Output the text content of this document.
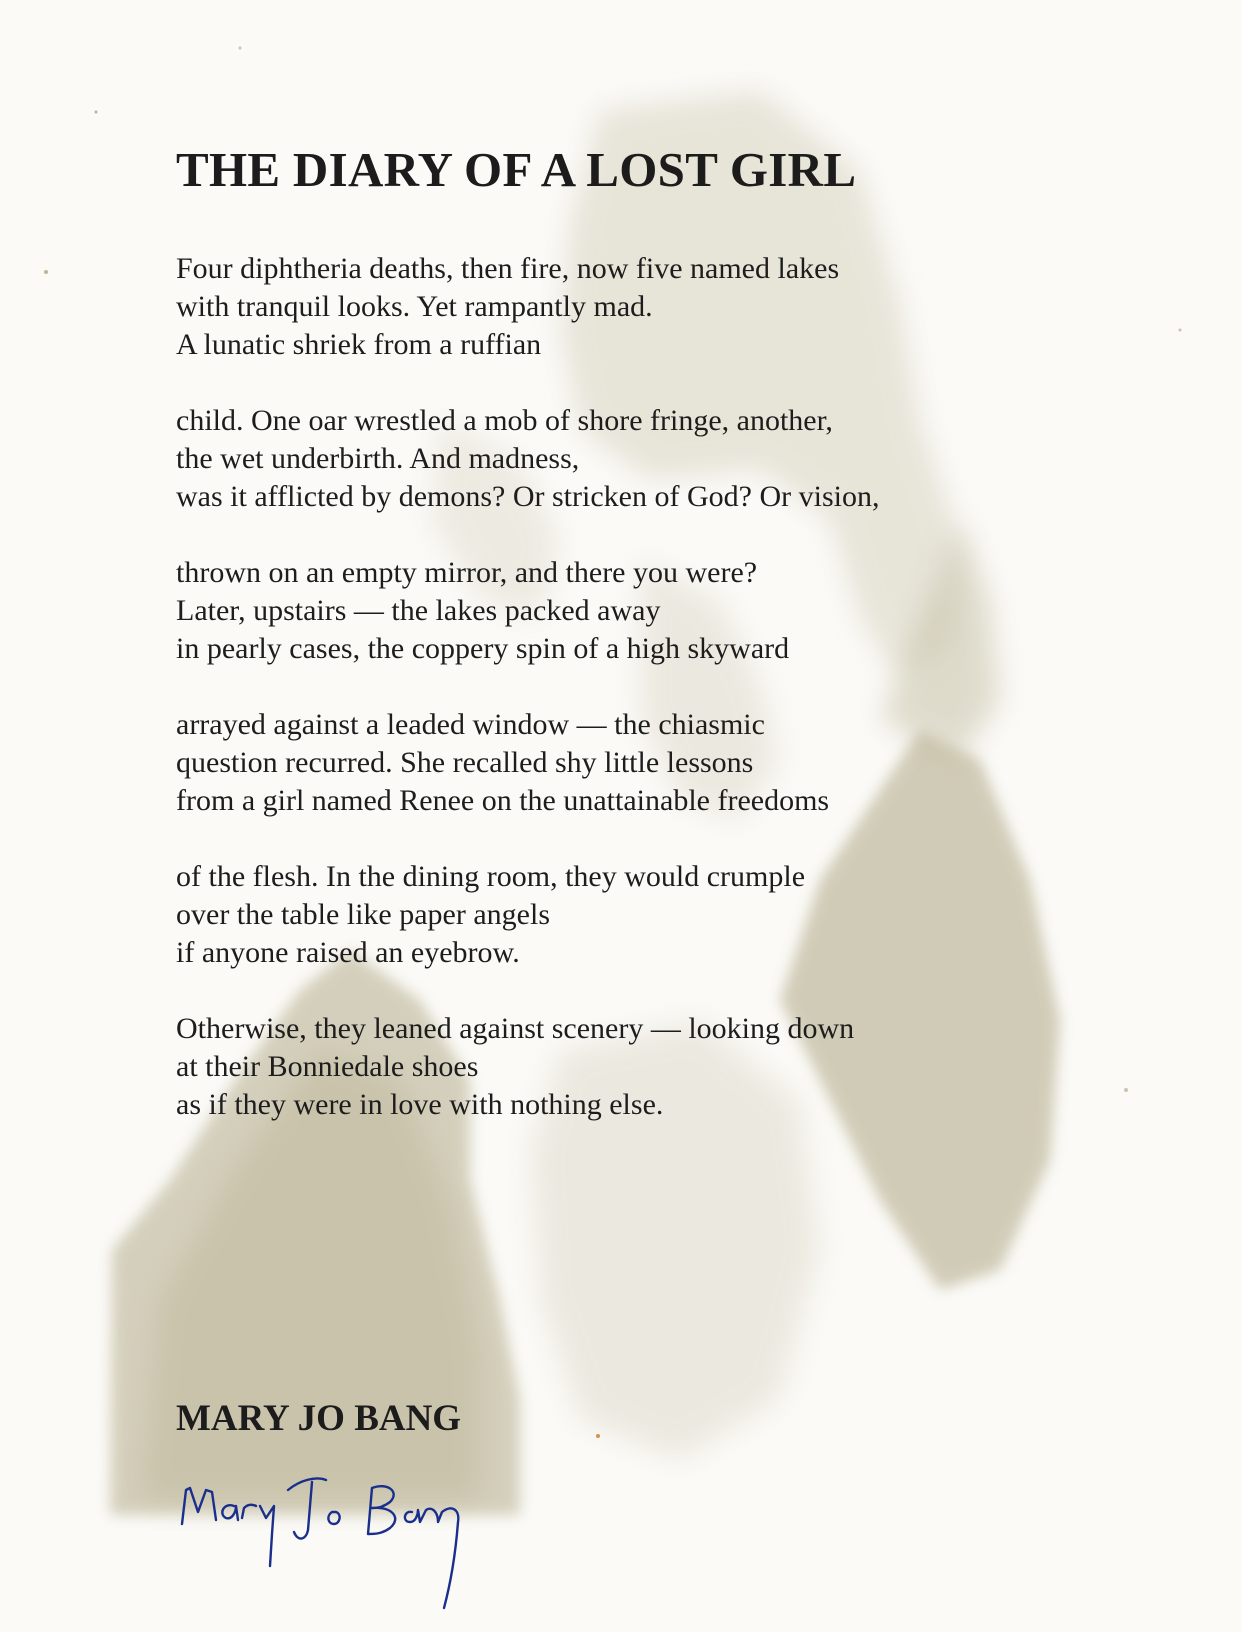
THE DIARY OF A LOST GIRL
Four diphtheria deaths, then fire, now five named lakes
with tranquil looks. Yet rampantly mad.
A lunatic shriek from a ruffian
child. One oar wrestled a mob of shore fringe, another,
the wet underbirth. And madness,
was it afflicted by demons? Or stricken of God? Or vision,
thrown on an empty mirror, and there you were?
Later, upstairs — the lakes packed away
in pearly cases, the coppery spin of a high skyward
arrayed against a leaded window — the chiasmic
question recurred. She recalled shy little lessons
from a girl named Renee on the unattainable freedoms
of the flesh. In the dining room, they would crumple
over the table like paper angels
if anyone raised an eyebrow.
Otherwise, they leaned against scenery — looking down
at their Bonniedale shoes
as if they were in love with nothing else.
MARY JO BANG
